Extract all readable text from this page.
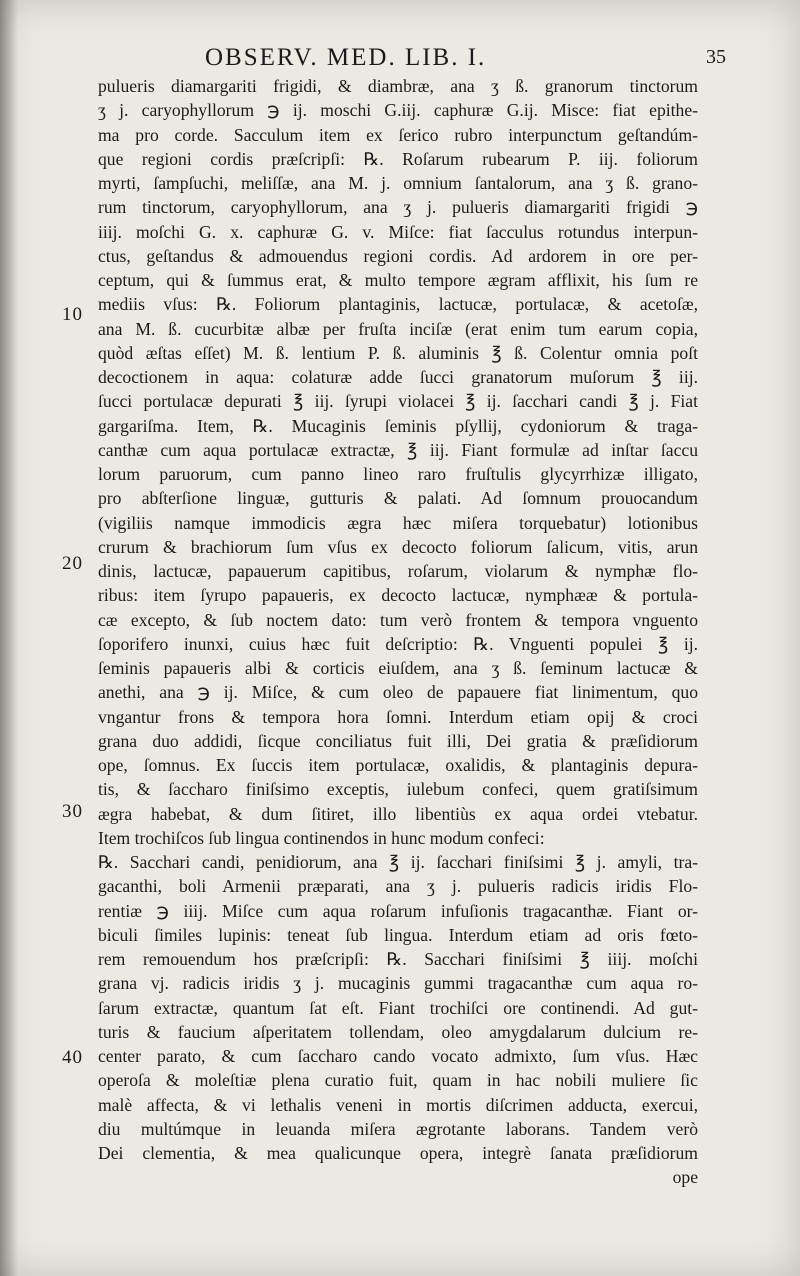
OBSERV. MED. LIB. I.	35
10
20
30
40
pulueris diamargariti frigidi, & diambræ, ana ʒ ß. granorum tinctorum
ʒ j. caryophyllorum ℈ ij. moschi G.iij. caphuræ G.ij. Misce: fiat epithe-
ma pro corde. Sacculum item ex ſerico rubro interpunctum geſtandúm-
que regioni cordis præſcripſi: ℞. Roſarum rubearum P. iij. foliorum
myrti, ſampſuchi, meliſſæ, ana M. j. omnium ſantalorum, ana ʒ ß. grano-
rum tinctorum, caryophyllorum, ana ʒ j. pulueris diamargariti frigidi ℈
iiij. moſchi G. x. caphuræ G. v. Miſce: fiat ſacculus rotundus interpun-
ctus, geſtandus & admouendus regioni cordis. Ad ardorem in ore per-
ceptum, qui & ſummus erat, & multo tempore ægram afflixit, his ſum re
mediis vſus: ℞. Foliorum plantaginis, lactucæ, portulacæ, & acetoſæ,
ana M. ß. cucurbitæ albæ per fruſta inciſæ (erat enim tum earum copia,
quòd æſtas eſſet) M. ß. lentium P. ß. aluminis ℥ ß. Colentur omnia poſt
decoctionem in aqua: colaturæ adde ſucci granatorum muſorum ℥ iij.
ſucci portulacæ depurati ℥ iij. ſyrupi violacei ℥ ij. ſacchari candi ℥ j. Fiat
gargariſma. Item, ℞. Mucaginis ſeminis pſyllij, cydoniorum & traga-
canthæ cum aqua portulacæ extractæ, ℥ iij. Fiant formulæ ad inſtar ſaccu
lorum paruorum, cum panno lineo raro fruſtulis glycyrrhizæ illigato,
pro abſterſione linguæ, gutturis & palati. Ad ſomnum prouocandum
(vigiliis namque immodicis ægra hæc miſera torquebatur) lotionibus
crurum & brachiorum ſum vſus ex decocto foliorum ſalicum, vitis, arun
dinis, lactucæ, papauerum capitibus, roſarum, violarum & nymphæ flo-
ribus: item ſyrupo papaueris, ex decocto lactucæ, nymphææ & portula-
cæ excepto, & ſub noctem dato: tum verò frontem & tempora vnguento
ſoporifero inunxi, cuius hæc fuit deſcriptio: ℞. Vnguenti populei ℥ ij.
ſeminis papaueris albi & corticis eiuſdem, ana ʒ ß. ſeminum lactucæ &
anethi, ana ℈ ij. Miſce, & cum oleo de papauere fiat linimentum, quo
vngantur frons & tempora hora ſomni. Interdum etiam opij & croci
grana duo addidi, ſicque conciliatus fuit illi, Dei gratia & præſidiorum
ope, ſomnus. Ex ſuccis item portulacæ, oxalidis, & plantaginis depura-
tis, & ſaccharo finiſsimo exceptis, iulebum confeci, quem gratiſsimum
ægra habebat, & dum ſitiret, illo libentiùs ex aqua ordei vtebatur.
Item trochiſcos ſub lingua continendos in hunc modum confeci:
℞. Sacchari candi, penidiorum, ana ℥ ij. ſacchari finiſsimi ℥ j. amyli, tra-
gacanthi, boli Armenii præparati, ana ʒ j. pulueris radicis iridis Flo-
rentiæ ℈ iiij. Miſce cum aqua roſarum infuſionis tragacanthæ. Fiant or-
biculi ſimiles lupinis: teneat ſub lingua. Interdum etiam ad oris fœto-
rem remouendum hos præſcripſi: ℞. Sacchari finiſsimi ℥ iiij. moſchi
grana vj. radicis iridis ʒ j. mucaginis gummi tragacanthæ cum aqua ro-
ſarum extractæ, quantum ſat eſt. Fiant trochiſci ore continendi. Ad gut-
turis & faucium aſperitatem tollendam, oleo amygdalarum dulcium re-
center parato, & cum ſaccharo cando vocato admixto, ſum vſus. Hæc
operoſa & moleſtiæ plena curatio fuit, quam in hac nobili muliere ſic
malè affecta, & vi lethalis veneni in mortis diſcrimen adducta, exercui,
diu multúmque in leuanda miſera ægrotante laborans. Tandem verò
Dei clementia, & mea qualicunque opera, integrè ſanata præſidiorum
ope
